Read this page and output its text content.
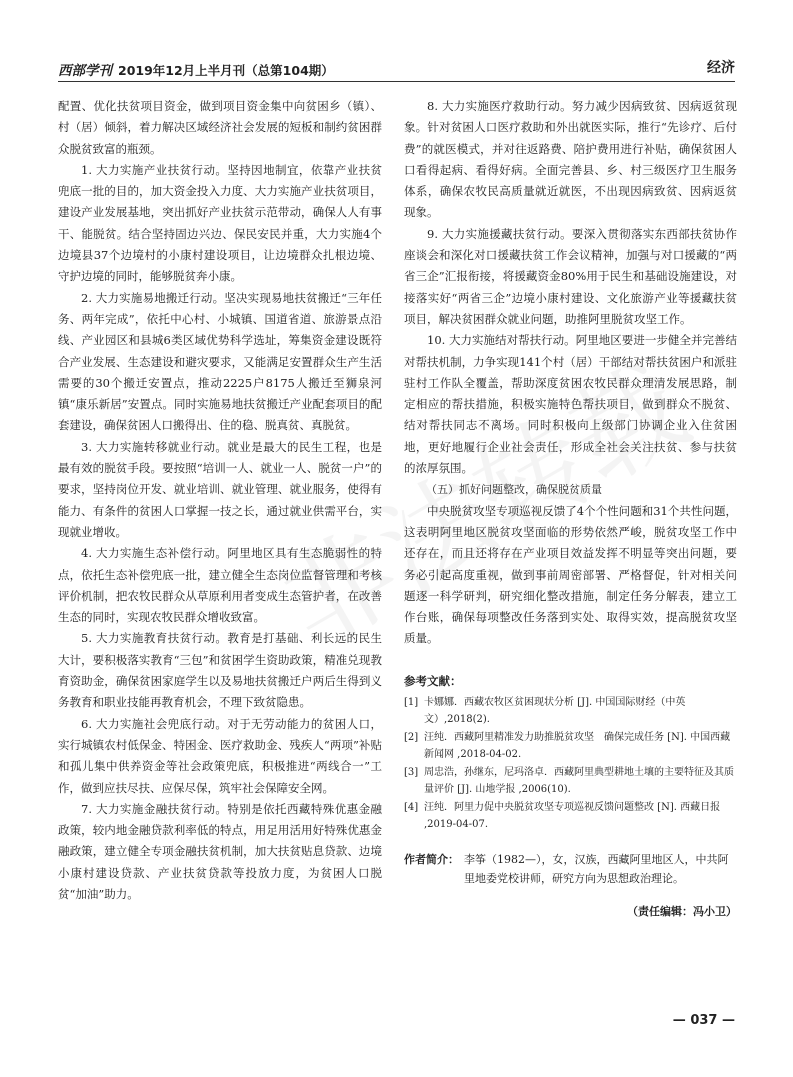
西部学刊 2019年12月上半月刊（总第104期）	经济

配置、优化扶贫项目资金，做到项目资金集中向贫困乡（镇）、村（居）倾斜，着力解决区域经济社会发展的短板和制约贫困群众脱贫致富的瓶颈。

1. 大力实施产业扶贫行动。坚持因地制宜，依靠产业扶贫兜底一批的目的，加大资金投入力度、大力实施产业扶贫项目，建设产业发展基地，突出抓好产业扶贫示范带动，确保人人有事干、能脱贫。结合坚持固边兴边、保民安民并重，大力实施4个边境县37个边境村的小康村建设项目，让边境群众扎根边境、守护边境的同时，能够脱贫奔小康。

2. 大力实施易地搬迁行动。坚决实现易地扶贫搬迁“三年任务、两年完成”，依托中心村、小城镇、国道省道、旅游景点沿线、产业园区和县城6类区域优势科学选址，筹集资金建设既符合产业发展、生态建设和避灾要求，又能满足安置群众生产生活需要的30个搬迁安置点，推动2225户8175人搬迁至狮泉河镇“康乐新居”安置点。同时实施易地扶贫搬迁产业配套项目的配套建设，确保贫困人口搬得出、住的稳、脱真贫、真脱贫。

3. 大力实施转移就业行动。就业是最大的民生工程，也是最有效的脱贫手段。要按照“培训一人、就业一人、脱贫一户”的要求，坚持岗位开发、就业培训、就业管理、就业服务，使得有能力、有条件的贫困人口掌握一技之长，通过就业供需平台，实现就业增收。

4. 大力实施生态补偿行动。阿里地区具有生态脆弱性的特点，依托生态补偿兜底一批，建立健全生态岗位监督管理和考核评价机制，把农牧民群众从草原利用者变成生态管护者，在改善生态的同时，实现农牧民群众增收致富。

5. 大力实施教育扶贫行动。教育是打基础、利长远的民生大计，要积极落实教育“三包”和贫困学生资助政策，精准兑现教育资助金，确保贫困家庭学生以及易地扶贫搬迁户两后生得到义务教育和职业技能再教育机会，不理下致贫隐患。

6. 大力实施社会兜底行动。对于无劳动能力的贫困人口，实行城镇农村低保金、特困金、医疗救助金、残疾人“两项”补贴和孤儿集中供养资金等社会政策兜底，积极推进“两线合一”工作，做到应扶尽扶、应保尽保，筑牢社会保障安全网。

7. 大力实施金融扶贫行动。特别是依托西藏特殊优惠金融政策，较内地金融贷款利率低的特点，用足用活用好特殊优惠金融政策，建立健全专项金融扶贫机制，加大扶贫贴息贷款、边境小康村建设贷款、产业扶贫贷款等投放力度，为贫困人口脱贫“加油”助力。

8. 大力实施医疗救助行动。努力减少因病致贫、因病返贫现象。针对贫困人口医疗救助和外出就医实际，推行“先诊疗、后付费”的就医模式，并对往返路费、陪护费用进行补贴，确保贫困人口看得起病、看得好病。全面完善县、乡、村三级医疗卫生服务体系，确保农牧民高质量就近就医，不出现因病致贫、因病返贫现象。

9. 大力实施援藏扶贫行动。要深入贯彻落实东西部扶贫协作座谈会和深化对口援藏扶贫工作会议精神，加强与对口援藏的“两省三企”汇报衔接，将援藏资金80%用于民生和基础设施建设，对接落实好“两省三企”边境小康村建设、文化旅游产业等援藏扶贫项目，解决贫困群众就业问题，助推阿里脱贫攻坚工作。

10. 大力实施结对帮扶行动。阿里地区要进一步健全并完善结对帮扶机制，力争实现141个村（居）干部结对帮扶贫困户和派驻驻村工作队全覆盖，帮助深度贫困农牧民群众理清发展思路，制定相应的帮扶措施，积极实施特色帮扶项目，做到群众不脱贫、结对帮扶同志不离场。同时积极向上级部门协调企业入住贫困地，更好地履行企业社会责任，形成全社会关注扶贫、参与扶贫的浓厚氛围。

（五）抓好问题整改，确保脱贫质量

中央脱贫攻坚专项巡视反馈了4个个性问题和31个共性问题，这表明阿里地区脱贫攻坚面临的形势依然严峻，脱贫攻坚工作中还存在，而且还将存在产业项目效益发挥不明显等突出问题，要务必引起高度重视，做到事前周密部署、严格督促，针对相关问题逐一科学研判，研究细化整改措施，制定任务分解表，建立工作台账，确保每项整改任务落到实处、取得实效，提高脱贫攻坚质量。

参考文献：

[1] 卡娜娜．西藏农牧区贫困现状分析 [J]. 中国国际财经（中英文）,2018(2).
[2] 汪纯．西藏阿里精准发力助推脱贫攻坚　确保完成任务 [N]. 中国西藏新闻网 ,2018-04-02.
[3] 周忠浩，孙继东，尼玛洛卓．西藏阿里典型耕地土壤的主要特征及其质量评价 [J]. 山地学报 ,2006(10).
[4] 汪纯．阿里力促中央脱贫攻坚专项巡视反馈问题整改 [N]. 西藏日报 ,2019-04-07.
作者简介： 李筝（1982—），女，汉族，西藏阿里地区人，中共阿里地委党校讲师，研究方向为思想政治理论。
（责任编辑：冯小卫）
— 037 —
